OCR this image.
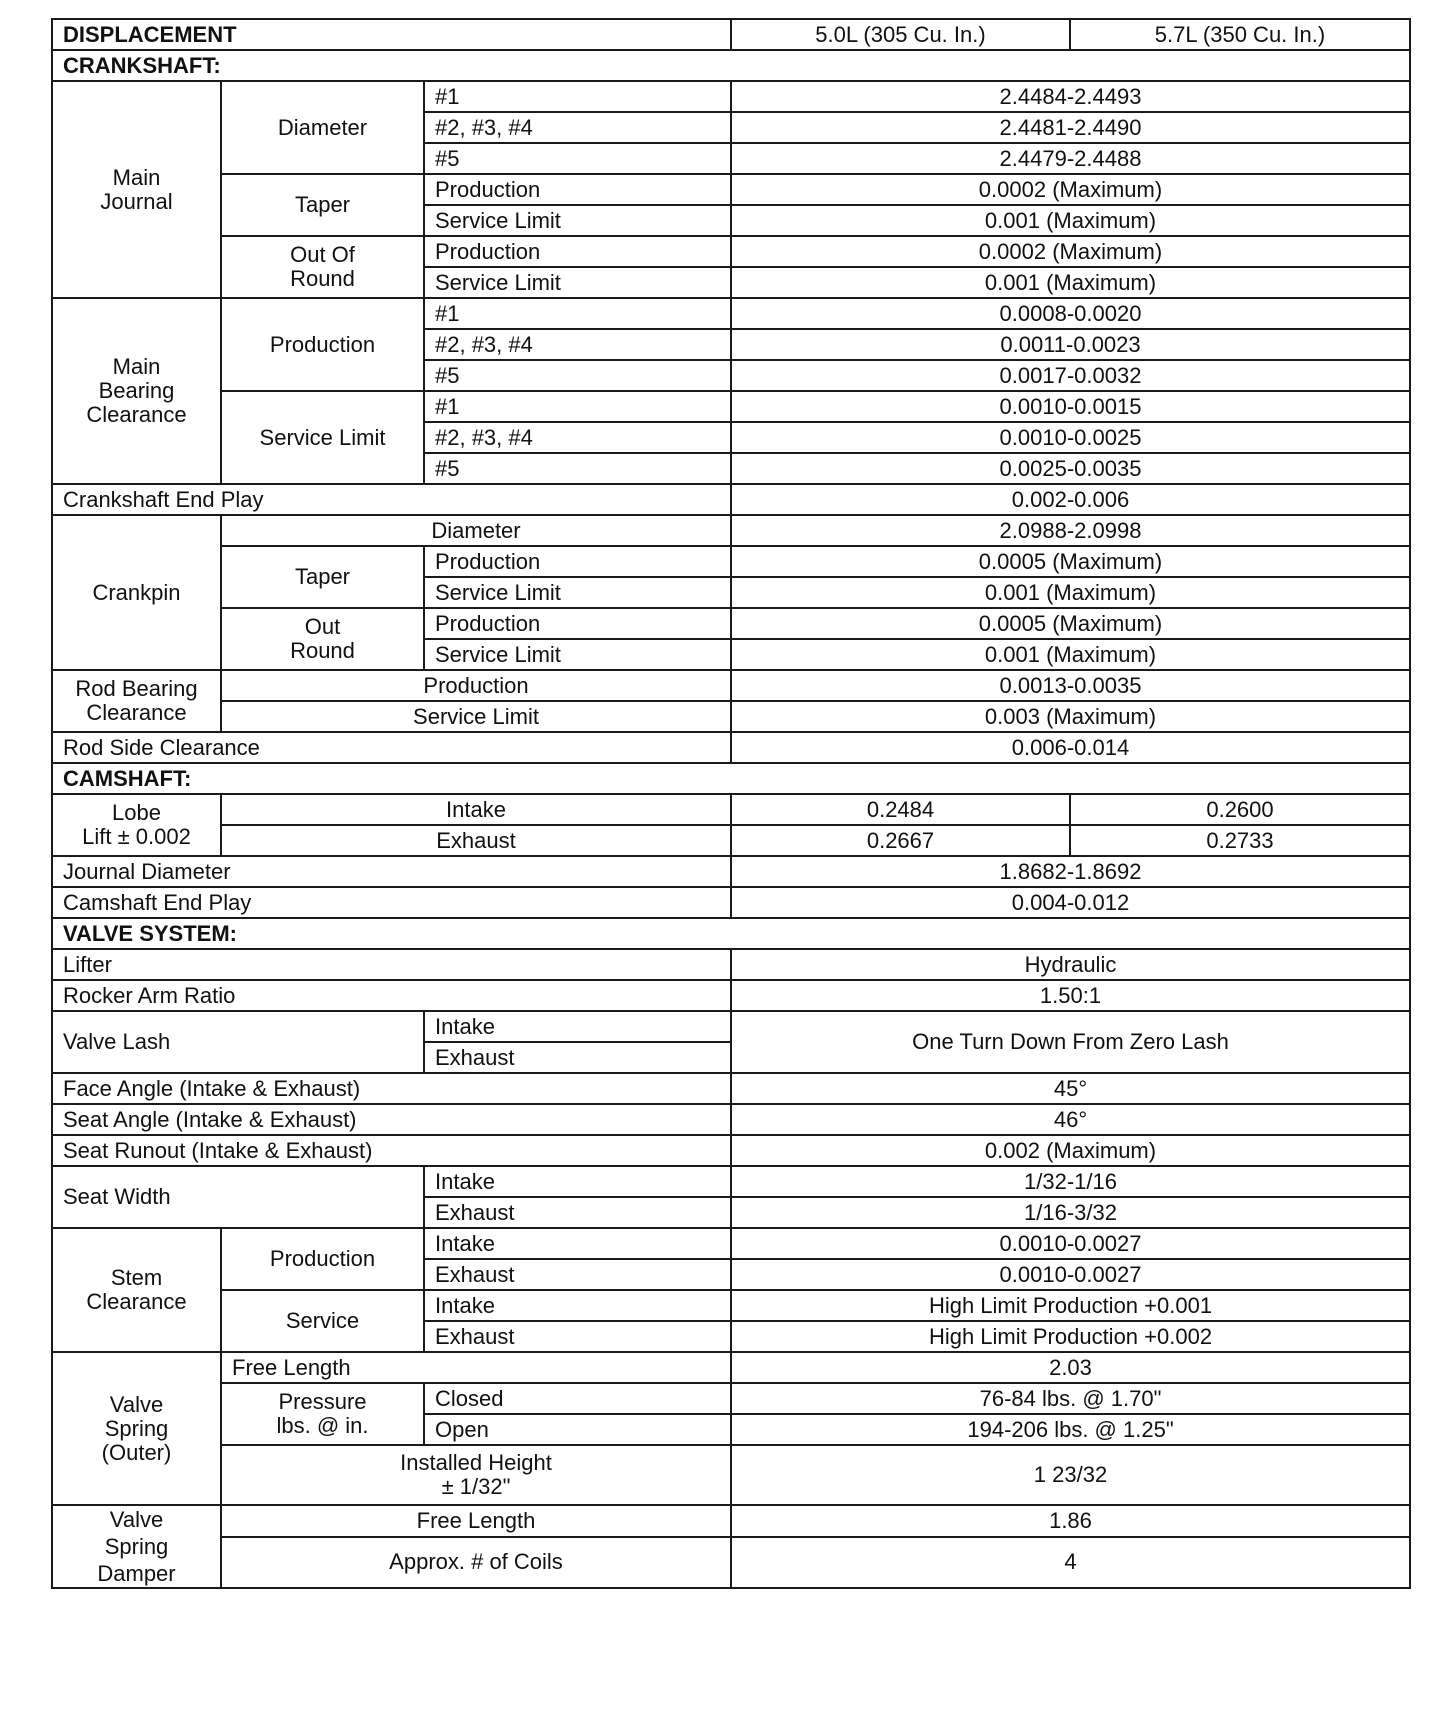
DISPLACEMENT			5.0L (305 Cu. In.)	5.7L (350 Cu. In.)
CRANKSHAFT:				
Main
Journal	Diameter	#1	2.4484-2.4493	
		#2, #3, #4	2.4481-2.4490	
		#5	2.4479-2.4488	
	Taper	Production	0.0002 (Maximum)	
		Service Limit	0.001 (Maximum)	
	Out Of
Round	Production	0.0002 (Maximum)	
		Service Limit	0.001 (Maximum)	
Main
Bearing
Clearance	Production	#1	0.0008-0.0020	
		#2, #3, #4	0.0011-0.0023	
		#5	0.0017-0.0032	
	Service Limit	#1	0.0010-0.0015	
		#2, #3, #4	0.0010-0.0025	
		#5	0.0025-0.0035	
Crankshaft End Play			0.002-0.006	
Crankpin	Diameter		2.0988-2.0998	
	Taper	Production	0.0005 (Maximum)	
		Service Limit	0.001 (Maximum)	
	Out
Round	Production	0.0005 (Maximum)	
		Service Limit	0.001 (Maximum)	
Rod Bearing
Clearance	Production		0.0013-0.0035	
	Service Limit		0.003 (Maximum)	
Rod Side Clearance			0.006-0.014	
CAMSHAFT:				
Lobe
Lift ± 0.002	Intake		0.2484	0.2600
	Exhaust		0.2667	0.2733
Journal Diameter			1.8682-1.8692	
Camshaft End Play			0.004-0.012	
VALVE SYSTEM:				
Lifter			Hydraulic	
Rocker Arm Ratio			1.50:1	
Valve Lash		Intake	One Turn Down From Zero Lash	
		Exhaust		
Face Angle (Intake & Exhaust)			45°	
Seat Angle (Intake & Exhaust)			46°	
Seat Runout (Intake & Exhaust)			0.002 (Maximum)	
Seat Width		Intake	1/32-1/16	
		Exhaust	1/16-3/32	
Stem
Clearance	Production	Intake	0.0010-0.0027	
		Exhaust	0.0010-0.0027	
	Service	Intake	High Limit Production +0.001	
		Exhaust	High Limit Production +0.002	
Valve
Spring
(Outer)	Free Length		2.03	
	Pressure
lbs. @ in.	Closed	76-84 lbs. @ 1.70"	
		Open	194-206 lbs. @ 1.25"	

	Installed Height
± 1/32"		1 23/32	
Valve
Spring
Damper	Free Length		1.86	
	Approx. # of Coils		4	
